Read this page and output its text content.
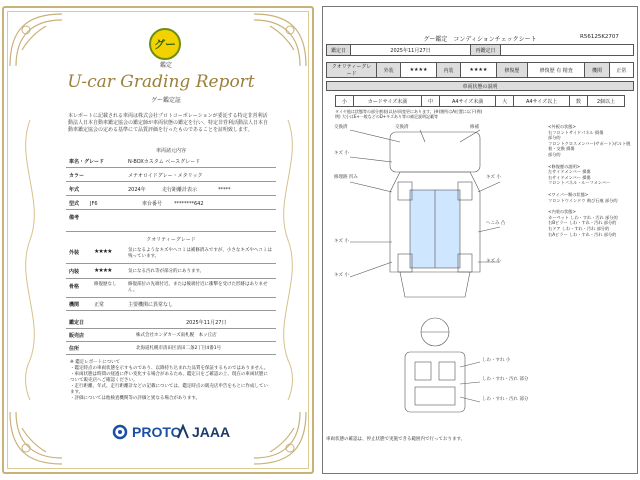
グー
鑑定
U-car Grading Report
グー鑑定証
本レポートに記載される車両は株式会社プロトコーポレーションが委託する特定非営利活動法人日本自動車鑑定協会の鑑定師が車両状態の鑑定を行い、特定非営利活動法人日本自動車鑑定協会の定める基準にて品質評価を行ったものであることを証明致します。
車両諸元内容
車名・グレード	N-BOXカスタム ベースグレード
カラー	メテオロイドグレー・メタリック
年式	2024年	走行距離計表示	*****
型式 JF6	車台番号 ********642
備考
クオリティーグレード
外装 ★★★★	気になるようなキズやヘコミは補修済みですが、小さなキズやヘコミは残っています。
内装 ★★★★	気になる汚れ等が部分的にあります。
骨格	修復歴なし	修復部位の先端付近、または後端付近に衝撃を受けた形跡はありません。
機関	正常	主要機関に異常なし
鑑定日	2025年11月27日
販売店	株式会社ホンダカーズ南札幌　本ッ丘店
住所	北海道札幌市清田区清田二条2丁目4番1号
※ 鑑定レポートについて
・鑑定時点の車両状態を示すものであり、以降持ち込まれた品質を保証するものではありません。
・車両状態は時間の経過に伴い変化する場合があるため、鑑定日をご確認の上、現在の車両状態について販売店へご確認ください。
・走行距離、年式、走行距離計などの記載については、鑑定時点の販売店申告をもとに作成しています。
・評価については他検査機関等の評価と異なる場合があります。
PROTO JAAA
グー鑑定　コンディションチェックシート	R56125K2707
鑑定日	2025年11月27日	再鑑定日	
クオリティーグレード	外装	★★★★	内装	★★★★	修復歴	修復歴 有 精査	機関	正常
車両状態の説明
小	カードサイズ未満	中	A4サイズ未満	大	A4サイズ以上	数	2個以上
タイヤ他は状態等の部分割表(以)が同変更にあります。(※)箇所はA位置に以下(例)
例) 大小はE+一般などのD+キズあり等の補足説明記載等
交換済	交換済	修補
キズ 小
修理跡 凹み	キズ 小
キズ 小
へこみ 凸
キズ 小
キズ 小
しわ・すれ 小
しわ・すれ・汚れ 部分
しわ・すれ・汚れ 部分
<外板の状態>
右フロントサイドパネル 損傷
部分的
フロントクロスメンバー(サポート)ボルト脱着・交換 損傷
部分的
<修復歴の説明>
左サイドメンバー 損傷
右サイドメンバー 損傷
フロントパネル・ルーフメンバー
<ワイパー類の状態>
フロントウインドウ 飛び石痕 部分的
<内装の状態>
カーペット しわ・すれ・汚れ 部分的
右Bピラー しわ・すれ・汚れ 部分的
右ドア しわ・すれ・汚れ 部分的
右Aピラー しわ・すれ・汚れ 部分的
車両状態の確認は、停止状態で実施できる範囲内で行っております。
